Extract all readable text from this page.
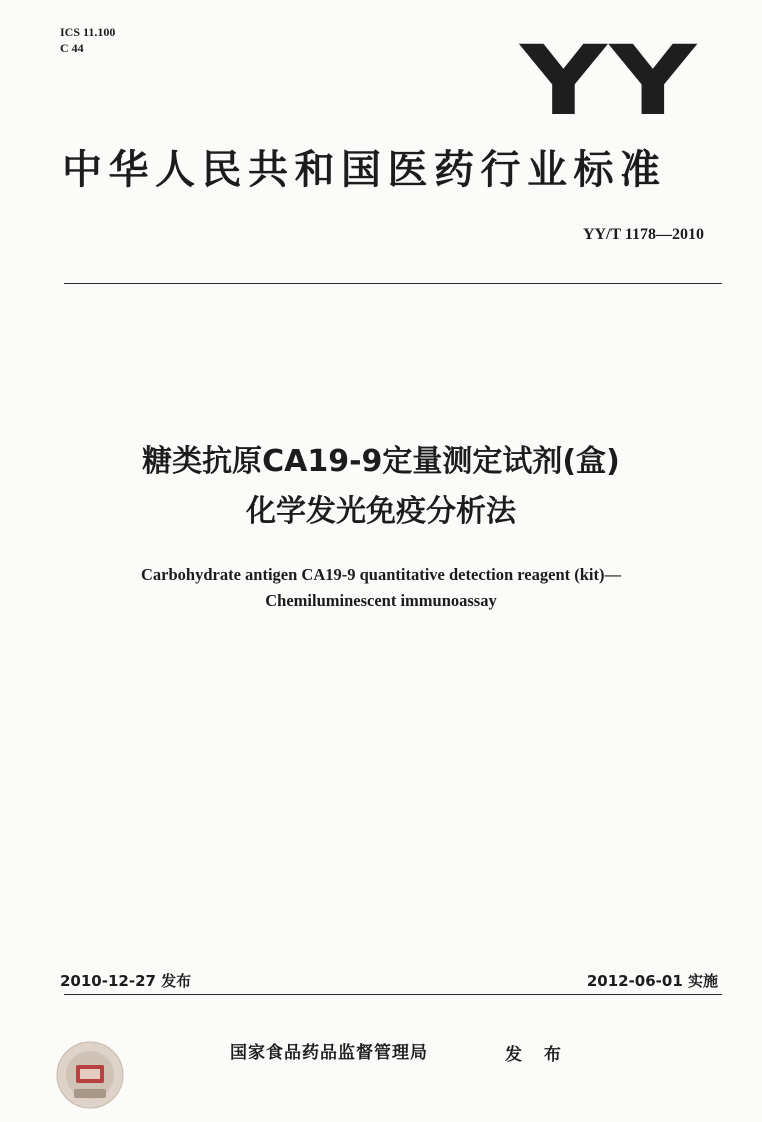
ICS 11.100
C 44	YY
中华人民共和国医药行业标准
YY/T 1178—2010
糖类抗原CA19-9定量测定试剂(盒)
化学发光免疫分析法
Carbohydrate antigen CA19-9 quantitative detection reagent (kit)—
Chemiluminescent immunoassay
2010-12-27 发布	2012-06-01 实施
国家食品药品监督管理局	发 布
